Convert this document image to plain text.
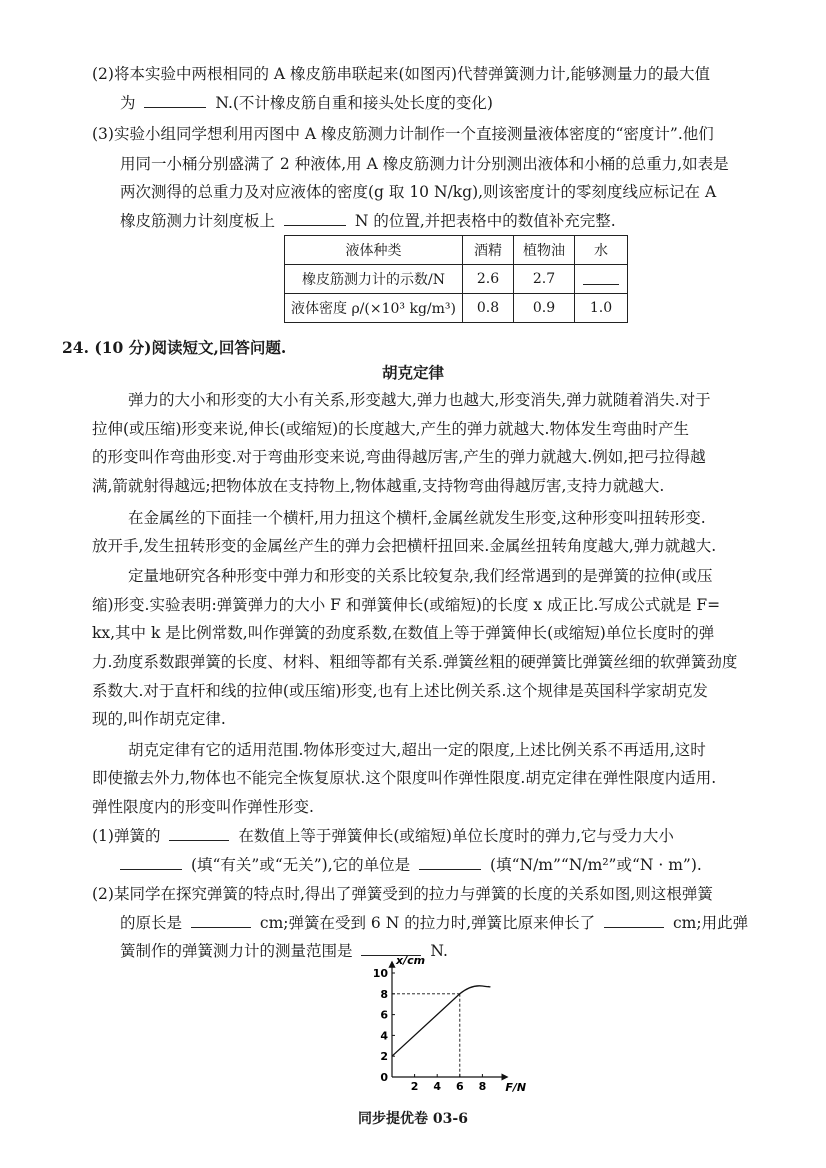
(2)将本实验中两根相同的 A 橡皮筋串联起来(如图丙)代替弹簧测力计,能够测量力的最大值
为	N.(不计橡皮筋自重和接头处长度的变化)
(3)实验小组同学想利用丙图中 A 橡皮筋测力计制作一个直接测量液体密度的“密度计”.他们
用同一小桶分别盛满了 2 种液体,用 A 橡皮筋测力计分别测出液体和小桶的总重力,如表是
两次测得的总重力及对应液体的密度(g 取 10 N/kg),则该密度计的零刻度线应标记在 A
橡皮筋测力计刻度板上	N 的位置,并把表格中的数值补充完整.
液体种类	酒精	植物油	水
橡皮筋测力计的示数/N	2.6	2.7	
液体密度 ρ/(×10³ kg/m³)	0.8	0.9	1.0
24. (10 分)阅读短文,回答问题.
胡克定律
弹力的大小和形变的大小有关系,形变越大,弹力也越大,形变消失,弹力就随着消失.对于
拉伸(或压缩)形变来说,伸长(或缩短)的长度越大,产生的弹力就越大.物体发生弯曲时产生
的形变叫作弯曲形变.对于弯曲形变来说,弯曲得越厉害,产生的弹力就越大.例如,把弓拉得越
满,箭就射得越远;把物体放在支持物上,物体越重,支持物弯曲得越厉害,支持力就越大.
在金属丝的下面挂一个横杆,用力扭这个横杆,金属丝就发生形变,这种形变叫扭转形变.
放开手,发生扭转形变的金属丝产生的弹力会把横杆扭回来.金属丝扭转角度越大,弹力就越大.
定量地研究各种形变中弹力和形变的关系比较复杂,我们经常遇到的是弹簧的拉伸(或压
缩)形变.实验表明:弹簧弹力的大小 F 和弹簧伸长(或缩短)的长度 x 成正比.写成公式就是 F=
kx,其中 k 是比例常数,叫作弹簧的劲度系数,在数值上等于弹簧伸长(或缩短)单位长度时的弹
力.劲度系数跟弹簧的长度、材料、粗细等都有关系.弹簧丝粗的硬弹簧比弹簧丝细的软弹簧劲度
系数大.对于直杆和线的拉伸(或压缩)形变,也有上述比例关系.这个规律是英国科学家胡克发
现的,叫作胡克定律.
胡克定律有它的适用范围.物体形变过大,超出一定的限度,上述比例关系不再适用,这时
即使撤去外力,物体也不能完全恢复原状.这个限度叫作弹性限度.胡克定律在弹性限度内适用.
弹性限度内的形变叫作弹性形变.
(1)弹簧的	在数值上等于弹簧伸长(或缩短)单位长度时的弹力,它与受力大小
(填“有关”或“无关”),它的单位是	(填“N/m”“N/m²”或“N · m”).
(2)某同学在探究弹簧的特点时,得出了弹簧受到的拉力与弹簧的长度的关系如图,则这根弹簧
的原长是	cm;弹簧在受到 6 N 的拉力时,弹簧比原来伸长了	cm;用此弹
簧制作的弹簧测力计的测量范围是	N.
2 4 6 8
0
2
4
6
8
10
F/N
x/cm
同步提优卷 03-6
